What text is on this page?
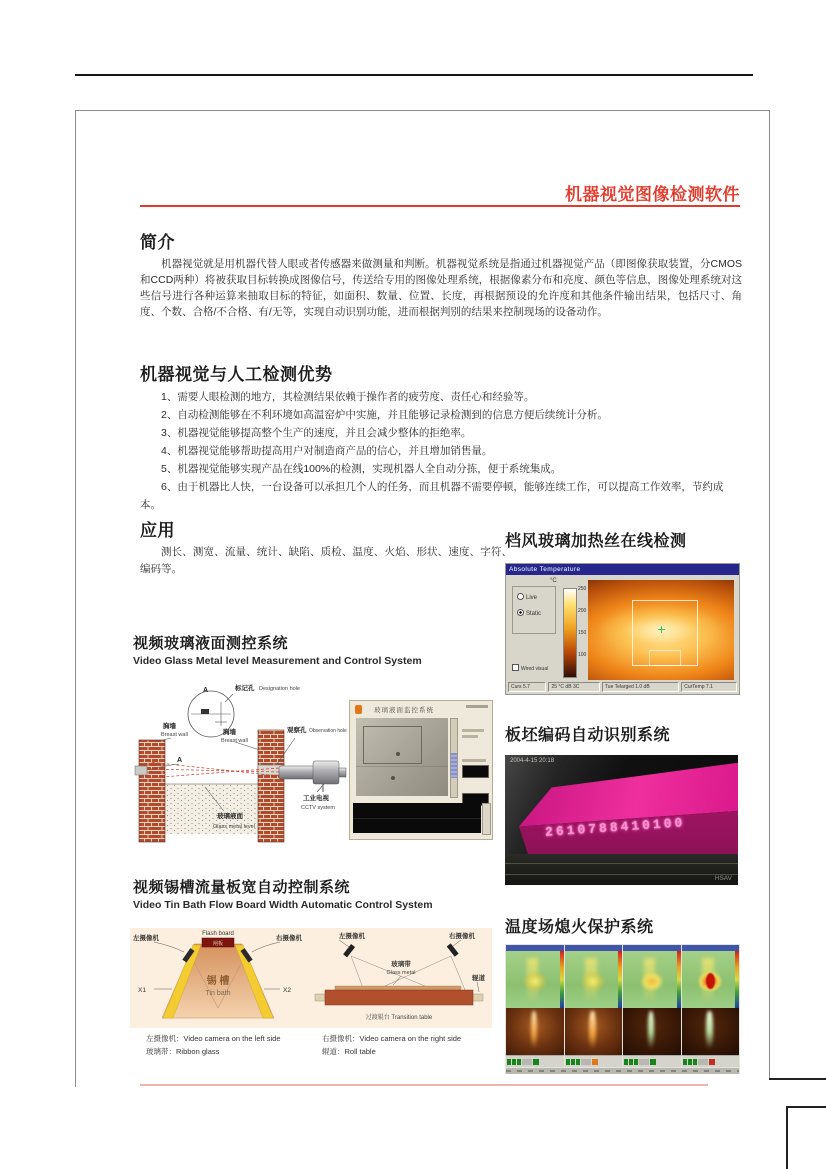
机器视觉图像检测软件
简介
机器视觉就是用机器代替人眼或者传感器来做测量和判断。机器视觉系统是指通过机器视觉产品（即图像获取装置，分CMOS和CCD两种）将被获取目标转换成图像信号，传送给专用的图像处理系统，根据像素分布和亮度、颜色等信息，图像处理系统对这些信号进行各种运算来抽取目标的特征，如面积、数量、位置、长度，再根据预设的允许度和其他条件输出结果，包括尺寸、角度、个数、合格/不合格、有/无等，实现自动识别功能，进而根据判别的结果来控制现场的设备动作。
机器视觉与人工检测优势

1、需要人眼检测的地方，其检测结果依赖于操作者的疲劳度、责任心和经验等。

2、自动检测能够在不利环境如高温窑炉中实施，并且能够记录检测到的信息方便后续统计分析。

3、机器视觉能够提高整个生产的速度，并且会减少整体的拒绝率。

4、机器视觉能够帮助提高用户对制造商产品的信心，并且增加销售量。

5、机器视觉能够实现产品在线100%的检测，实现机器人全自动分拣，便于系统集成。

6、由于机器比人快，一台设备可以承担几个人的任务，而且机器不需要停顿，能够连续工作，可以提高工作效率，节约成本。

应用
测长、测宽、流量、统计、缺陷、质检、温度、火焰、形状、速度、字符、编码等。
档风玻璃加热丝在线检测
Absolute Temperature
Live
Static
Wired visual
°C
250
200
150
100
Curs 5.7	25 °C dB 3C	Tue Telarged 1.0 dB	CurTemp 7.1
视频玻璃液面测控系统
Video Glass Metal level Measurement and Control System
A	标记孔 Designation hole
胸墙
Breast wall	胸墙
Breast wall
A
观察孔 Observation hole
工业电视
CCTV system
玻璃液面
Glass metal level
玻璃液面监控系统
板坯编码自动识别系统
2610788410100
2004-4-15 20:18
HSAV
视频锡槽流量板宽自动控制系统
Video Tin Bath Flow Board Width Automatic Control System
闸板
Flash board
左摄像机	右摄像机
X1	X2
锡 槽
Tin bath
左摄像机	右摄像机
玻璃带
Glass metal
辊道
过渡辊台 Transition table
左摄像机：Video camera on the left side
玻璃带：Ribbon glass
右摄像机：Video camera on the right side
辊道：Roll table
温度场熄火保护系统
